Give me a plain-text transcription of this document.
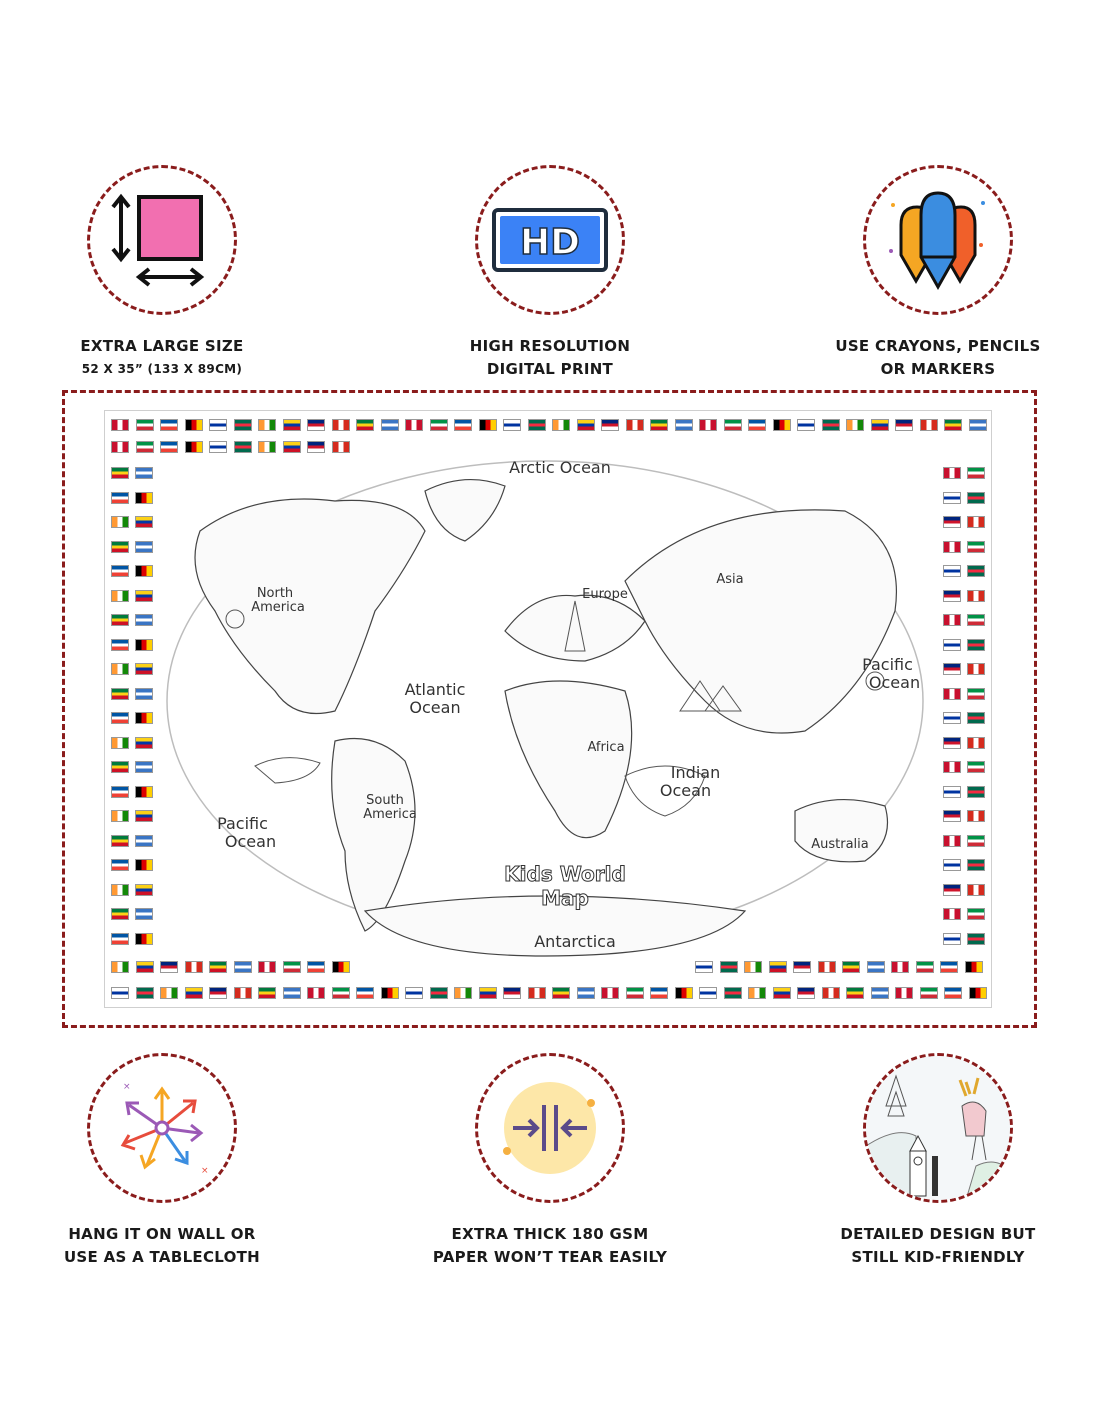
EXTRA LARGE SIZE
52 X 35” (133 X 89CM)
HD
HIGH RESOLUTION
DIGITAL PRINT
USE CRAYONS, PENCILS
OR MARKERS
Arctic Ocean
Atlantic
Ocean
Pacific
Ocean
Pacific
Ocean
Indian
Ocean
Antarctica
North
America
South
America
Europe
Asia
Africa
Australia
Kids World Map
×
×
HANG IT ON WALL OR
USE AS A TABLECLOTH
EXTRA THICK 180 GSM
PAPER WON’T TEAR EASILY
DETAILED DESIGN BUT
STILL KID-FRIENDLY
